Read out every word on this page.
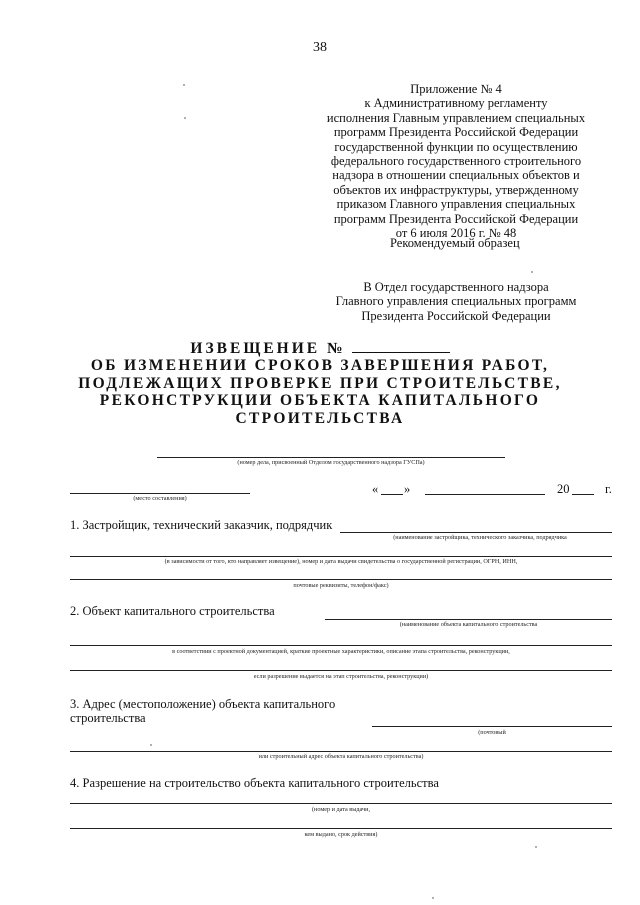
38
Приложение № 4
к Административному регламенту
исполнения Главным управлением специальных
программ Президента Российской Федерации
государственной функции по осуществлению
федерального государственного строительного
надзора в отношении специальных объектов и
объектов их инфраструктуры, утвержденному
приказом Главного управления специальных
программ Президента Российской Федерации
от 6 июля 2016 г. № 48
Рекомендуемый образец
В Отдел государственного надзора
Главного управления специальных программ
Президента Российской Федерации
ИЗВЕЩЕНИЕ №
ОБ ИЗМЕНЕНИИ СРОКОВ ЗАВЕРШЕНИЯ РАБОТ,
ПОДЛЕЖАЩИХ ПРОВЕРКЕ ПРИ СТРОИТЕЛЬСТВЕ,
РЕКОНСТРУКЦИИ ОБЪЕКТА КАПИТАЛЬНОГО
СТРОИТЕЛЬСТВА
(номер дела, присвоенный Отделом государственного надзора ГУСПа)
(место составления)
« »	20	г.
1. Застройщик, технический заказчик, подрядчик
(наименование застройщика, технического заказчика, подрядчика
(в зависимости от того, кто направляет извещение), номер и дата выдачи свидетельства о государственной регистрации, ОГРН, ИНН,
почтовые реквизиты, телефон/факс)
2. Объект капитального строительства
(наименование объекта капитального строительства
в соответствии с проектной документацией, краткие проектные характеристики, описание этапа строительства, реконструкции,
если разрешение выдается на этап строительства, реконструкции)
3. Адрес (местоположение) объекта капитального
строительства
(почтовый
или строительный адрес объекта капитального строительства)
4. Разрешение на строительство объекта капитального строительства
(номер и дата выдачи,
кем выдано, срок действия)
